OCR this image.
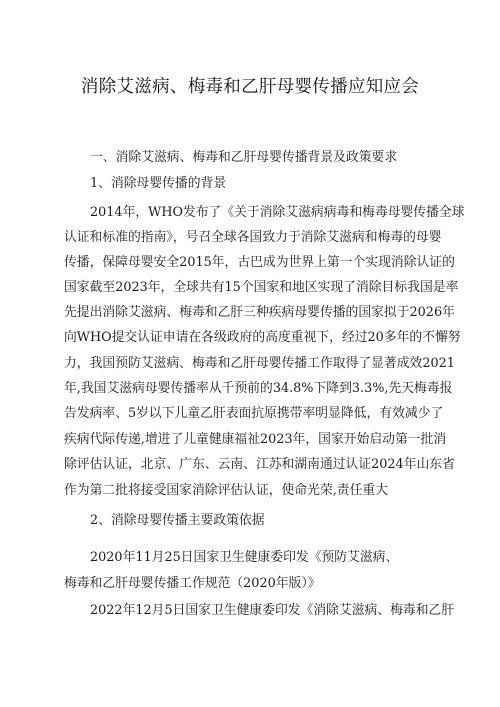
消除艾滋病、梅毒和乙肝母婴传播应知应会
一、消除艾滋病、梅毒和乙肝母婴传播背景及政策要求
1、消除母婴传播的背景
2014年，WHO发布了《关于消除艾滋病病毒和梅毒母婴传播全球
认证和标准的指南》，号召全球各国致力于消除艾滋病和梅毒的母婴
传播，保障母婴安全2015年，古巴成为世界上第一个实现消除认证的
国家截至2023年，全球共有15个国家和地区实现了消除目标我国是率
先提出消除艾滋病、梅毒和乙肝三种疾病母婴传播的国家拟于2026年
向WHO提交认证申请在各级政府的高度重视下，经过20多年的不懈努
力，我国预防艾滋病、梅毒和乙肝母婴传播工作取得了显著成效2021
年,我国艾滋病母婴传播率从千预前的34.8%下降到3.3%,先天梅毒报
告发病率、5岁以下儿童乙肝表面抗原携带率明显降低，有效减少了
疾病代际传递,增进了儿童健康福祉2023年，国家开始启动第一批消
除评估认证，北京、广东、云南、江苏和湖南通过认证2024年山东省
作为第二批将接受国家消除评估认证，使命光荣,责任重大
2、消除母婴传播主要政策依据
2020年11月25日国家卫生健康委印发《预防艾滋病、
梅毒和乙肝母婴传播工作规范（2020年版）》
2022年12月5日国家卫生健康委印发《消除艾滋病、梅毒和乙肝
